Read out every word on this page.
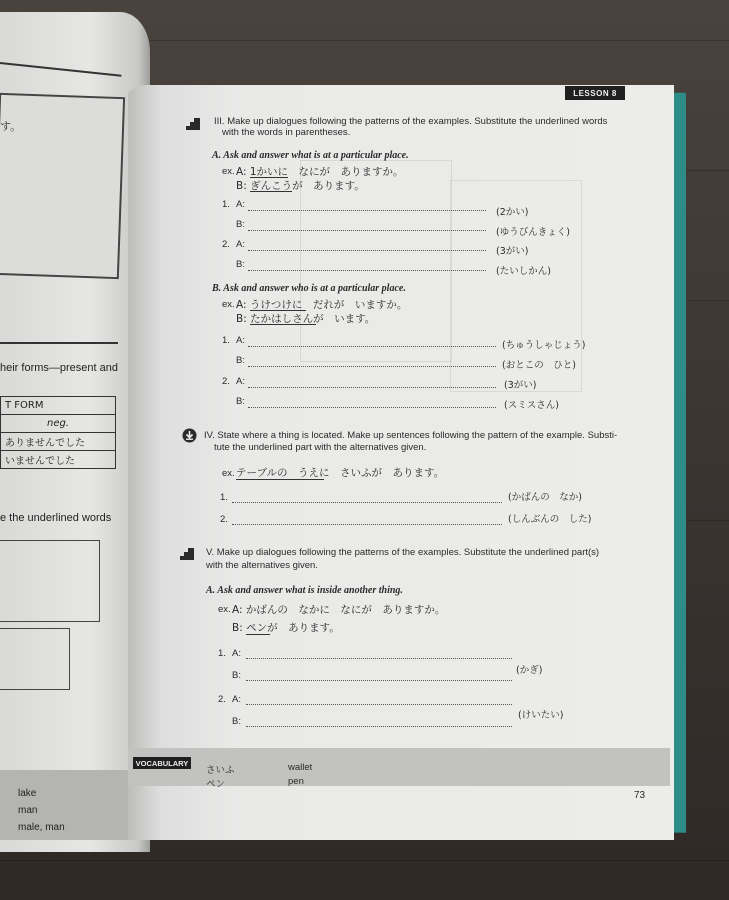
す。
heir forms—present and
T FORM
neg.
ありませんでした
いませんでした
e the underlined words
lake
man
male, man
LESSON 8
III. Make up dialogues following the patterns of the examples. Substitute the underlined words
with the words in parentheses.
A. Ask and answer what is at a particular place.
ex. A: 1かいに　なにが　ありますか。
B: ぎんこうが　あります。
1. A:
(2かい)
B:
(ゆうびんきょく)
2. A:
(3がい)
B:
(たいしかん)
B. Ask and answer who is at a particular place.
ex. A: うけつけに　だれが　いますか。
B: たかはしさんが　います。
1. A:	(ちゅうしゃじょう)
B:	(おとこの　ひと)
2. A:	(3がい)
B:	(スミスさん)
IV. State where a thing is located. Make up sentences following the pattern of the example. Substi-
tute the underlined part with the alternatives given.
ex. テーブルの　うえに　さいふが　あります。
1.	(かばんの　なか)
2.	(しんぶんの　した)
V. Make up dialogues following the patterns of the examples. Substitute the underlined part(s)
with the alternatives given.
A. Ask and answer what is inside another thing.
ex. A: かばんの　なかに　なにが　ありますか。
B: ペンが　あります。
1. A:
B:	(かぎ)
2. A:
B:
(けいたい)
VOCABULARY
さいふ	wallet
ペン	pen
73
